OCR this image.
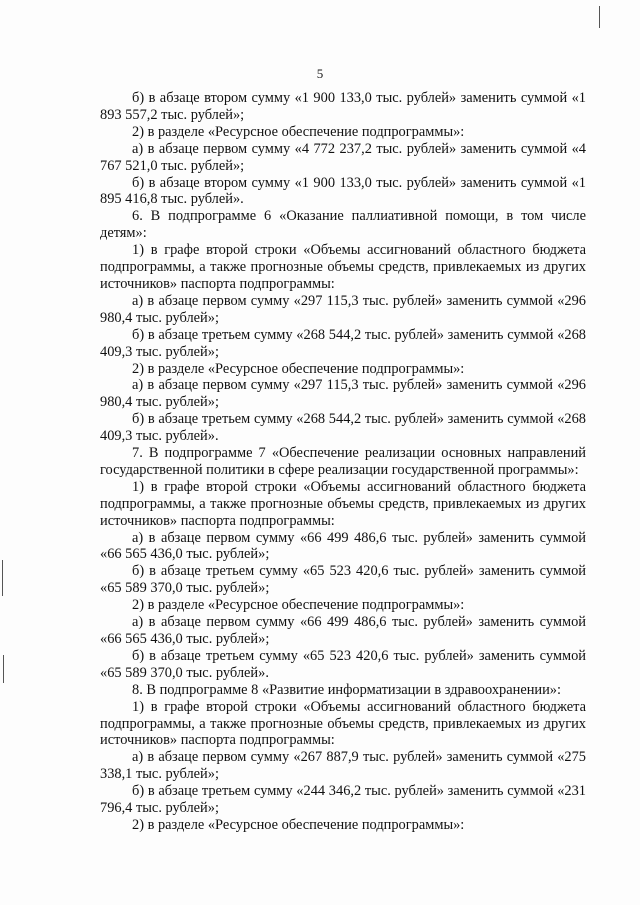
5

б) в абзаце втором сумму «1 900 133,0 тыс. рублей» заменить суммой «1 893 557,2 тыс. рублей»;

2) в разделе «Ресурсное обеспечение подпрограммы»:

а) в абзаце первом сумму «4 772 237,2 тыс. рублей» заменить суммой «4 767 521,0 тыс. рублей»;

б) в абзаце втором сумму «1 900 133,0 тыс. рублей» заменить суммой «1 895 416,8 тыс. рублей».

6. В подпрограмме 6 «Оказание паллиативной помощи, в том числе детям»:

1) в графе второй строки «Объемы ассигнований областного бюджета подпрограммы, а также прогнозные объемы средств, привлекаемых из других источников» паспорта подпрограммы:

а) в абзаце первом сумму «297 115,3 тыс. рублей» заменить суммой «296 980,4 тыс. рублей»;

б) в абзаце третьем сумму «268 544,2 тыс. рублей» заменить суммой «268 409,3 тыс. рублей»;

2) в разделе «Ресурсное обеспечение подпрограммы»:

а) в абзаце первом сумму «297 115,3 тыс. рублей» заменить суммой «296 980,4 тыс. рублей»;

б) в абзаце третьем сумму «268 544,2 тыс. рублей» заменить суммой «268 409,3 тыс. рублей».

7. В подпрограмме 7 «Обеспечение реализации основных направлений государственной политики в сфере реализации государственной программы»:

1) в графе второй строки «Объемы ассигнований областного бюджета подпрограммы, а также прогнозные объемы средств, привлекаемых из других источников» паспорта подпрограммы:

а) в абзаце первом сумму «66 499 486,6 тыс. рублей» заменить суммой «66 565 436,0 тыс. рублей»;

б) в абзаце третьем сумму «65 523 420,6 тыс. рублей» заменить суммой «65 589 370,0 тыс. рублей»;

2) в разделе «Ресурсное обеспечение подпрограммы»:

а) в абзаце первом сумму «66 499 486,6 тыс. рублей» заменить суммой «66 565 436,0 тыс. рублей»;

б) в абзаце третьем сумму «65 523 420,6 тыс. рублей» заменить суммой «65 589 370,0 тыс. рублей».

8. В подпрограмме 8 «Развитие информатизации в здравоохранении»:

1) в графе второй строки «Объемы ассигнований областного бюджета подпрограммы, а также прогнозные объемы средств, привлекаемых из других источников» паспорта подпрограммы:

а) в абзаце первом сумму «267 887,9 тыс. рублей» заменить суммой «275 338,1 тыс. рублей»;

б) в абзаце третьем сумму «244 346,2 тыс. рублей» заменить суммой «231 796,4 тыс. рублей»;

2) в разделе «Ресурсное обеспечение подпрограммы»:
